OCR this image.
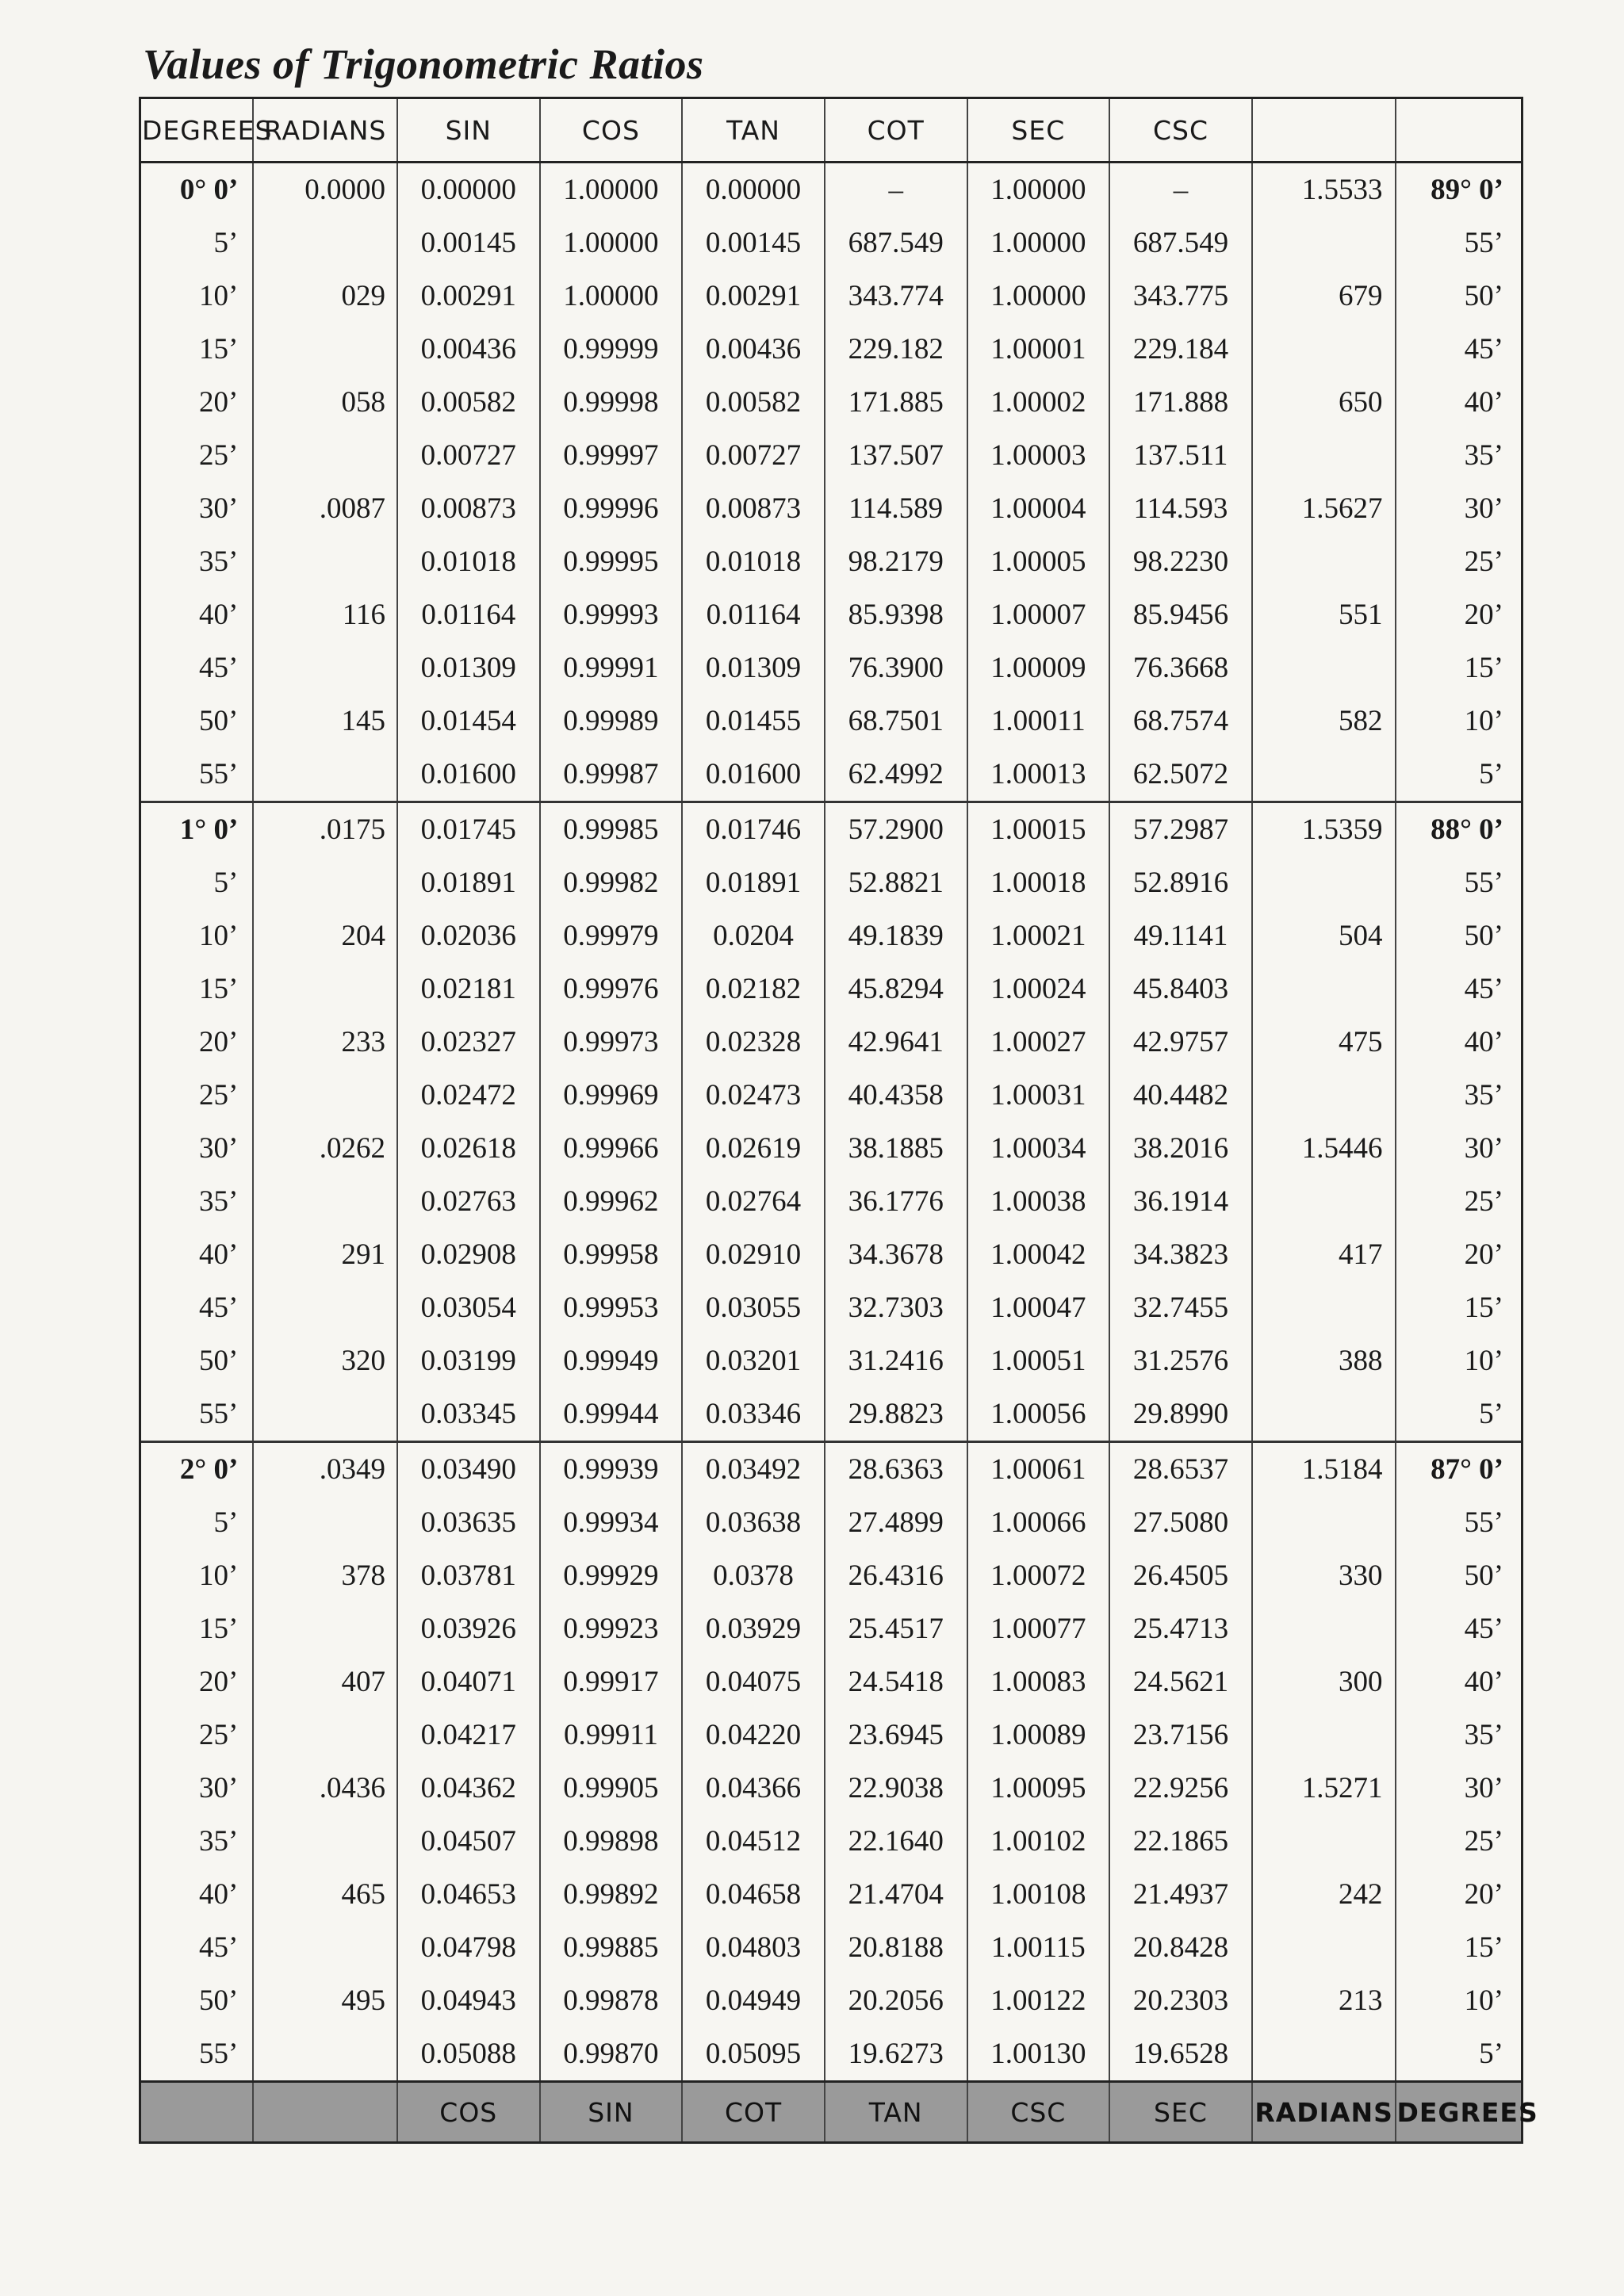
Values of Trigonometric Ratios
DEGREES	RADIANS	SIN	COS	TAN	COT	SEC	CSC		
0° 0’	0.0000	0.00000	1.00000	0.00000	–	1.00000	–	1.5533	89° 0’
5’		0.00145	1.00000	0.00145	687.549	1.00000	687.549		55’
10’	029	0.00291	1.00000	0.00291	343.774	1.00000	343.775	679	50’
15’		0.00436	0.99999	0.00436	229.182	1.00001	229.184		45’
20’	058	0.00582	0.99998	0.00582	171.885	1.00002	171.888	650	40’
25’		0.00727	0.99997	0.00727	137.507	1.00003	137.511		35’
30’	.0087	0.00873	0.99996	0.00873	114.589	1.00004	114.593	1.5627	30’
35’		0.01018	0.99995	0.01018	98.2179	1.00005	98.2230		25’
40’	116	0.01164	0.99993	0.01164	85.9398	1.00007	85.9456	551	20’
45’		0.01309	0.99991	0.01309	76.3900	1.00009	76.3668		15’
50’	145	0.01454	0.99989	0.01455	68.7501	1.00011	68.7574	582	10’
55’		0.01600	0.99987	0.01600	62.4992	1.00013	62.5072		5’
1° 0’	.0175	0.01745	0.99985	0.01746	57.2900	1.00015	57.2987	1.5359	88° 0’
5’		0.01891	0.99982	0.01891	52.8821	1.00018	52.8916		55’
10’	204	0.02036	0.99979	0.0204	49.1839	1.00021	49.1141	504	50’
15’		0.02181	0.99976	0.02182	45.8294	1.00024	45.8403		45’
20’	233	0.02327	0.99973	0.02328	42.9641	1.00027	42.9757	475	40’
25’		0.02472	0.99969	0.02473	40.4358	1.00031	40.4482		35’
30’	.0262	0.02618	0.99966	0.02619	38.1885	1.00034	38.2016	1.5446	30’
35’		0.02763	0.99962	0.02764	36.1776	1.00038	36.1914		25’
40’	291	0.02908	0.99958	0.02910	34.3678	1.00042	34.3823	417	20’
45’		0.03054	0.99953	0.03055	32.7303	1.00047	32.7455		15’
50’	320	0.03199	0.99949	0.03201	31.2416	1.00051	31.2576	388	10’
55’		0.03345	0.99944	0.03346	29.8823	1.00056	29.8990		5’
2° 0’	.0349	0.03490	0.99939	0.03492	28.6363	1.00061	28.6537	1.5184	87° 0’
5’		0.03635	0.99934	0.03638	27.4899	1.00066	27.5080		55’
10’	378	0.03781	0.99929	0.0378	26.4316	1.00072	26.4505	330	50’
15’		0.03926	0.99923	0.03929	25.4517	1.00077	25.4713		45’
20’	407	0.04071	0.99917	0.04075	24.5418	1.00083	24.5621	300	40’
25’		0.04217	0.99911	0.04220	23.6945	1.00089	23.7156		35’
30’	.0436	0.04362	0.99905	0.04366	22.9038	1.00095	22.9256	1.5271	30’
35’		0.04507	0.99898	0.04512	22.1640	1.00102	22.1865		25’
40’	465	0.04653	0.99892	0.04658	21.4704	1.00108	21.4937	242	20’
45’		0.04798	0.99885	0.04803	20.8188	1.00115	20.8428		15’
50’	495	0.04943	0.99878	0.04949	20.2056	1.00122	20.2303	213	10’
55’		0.05088	0.99870	0.05095	19.6273	1.00130	19.6528		5’
		COS	SIN	COT	TAN	CSC	SEC	RADIANS	DEGREES
